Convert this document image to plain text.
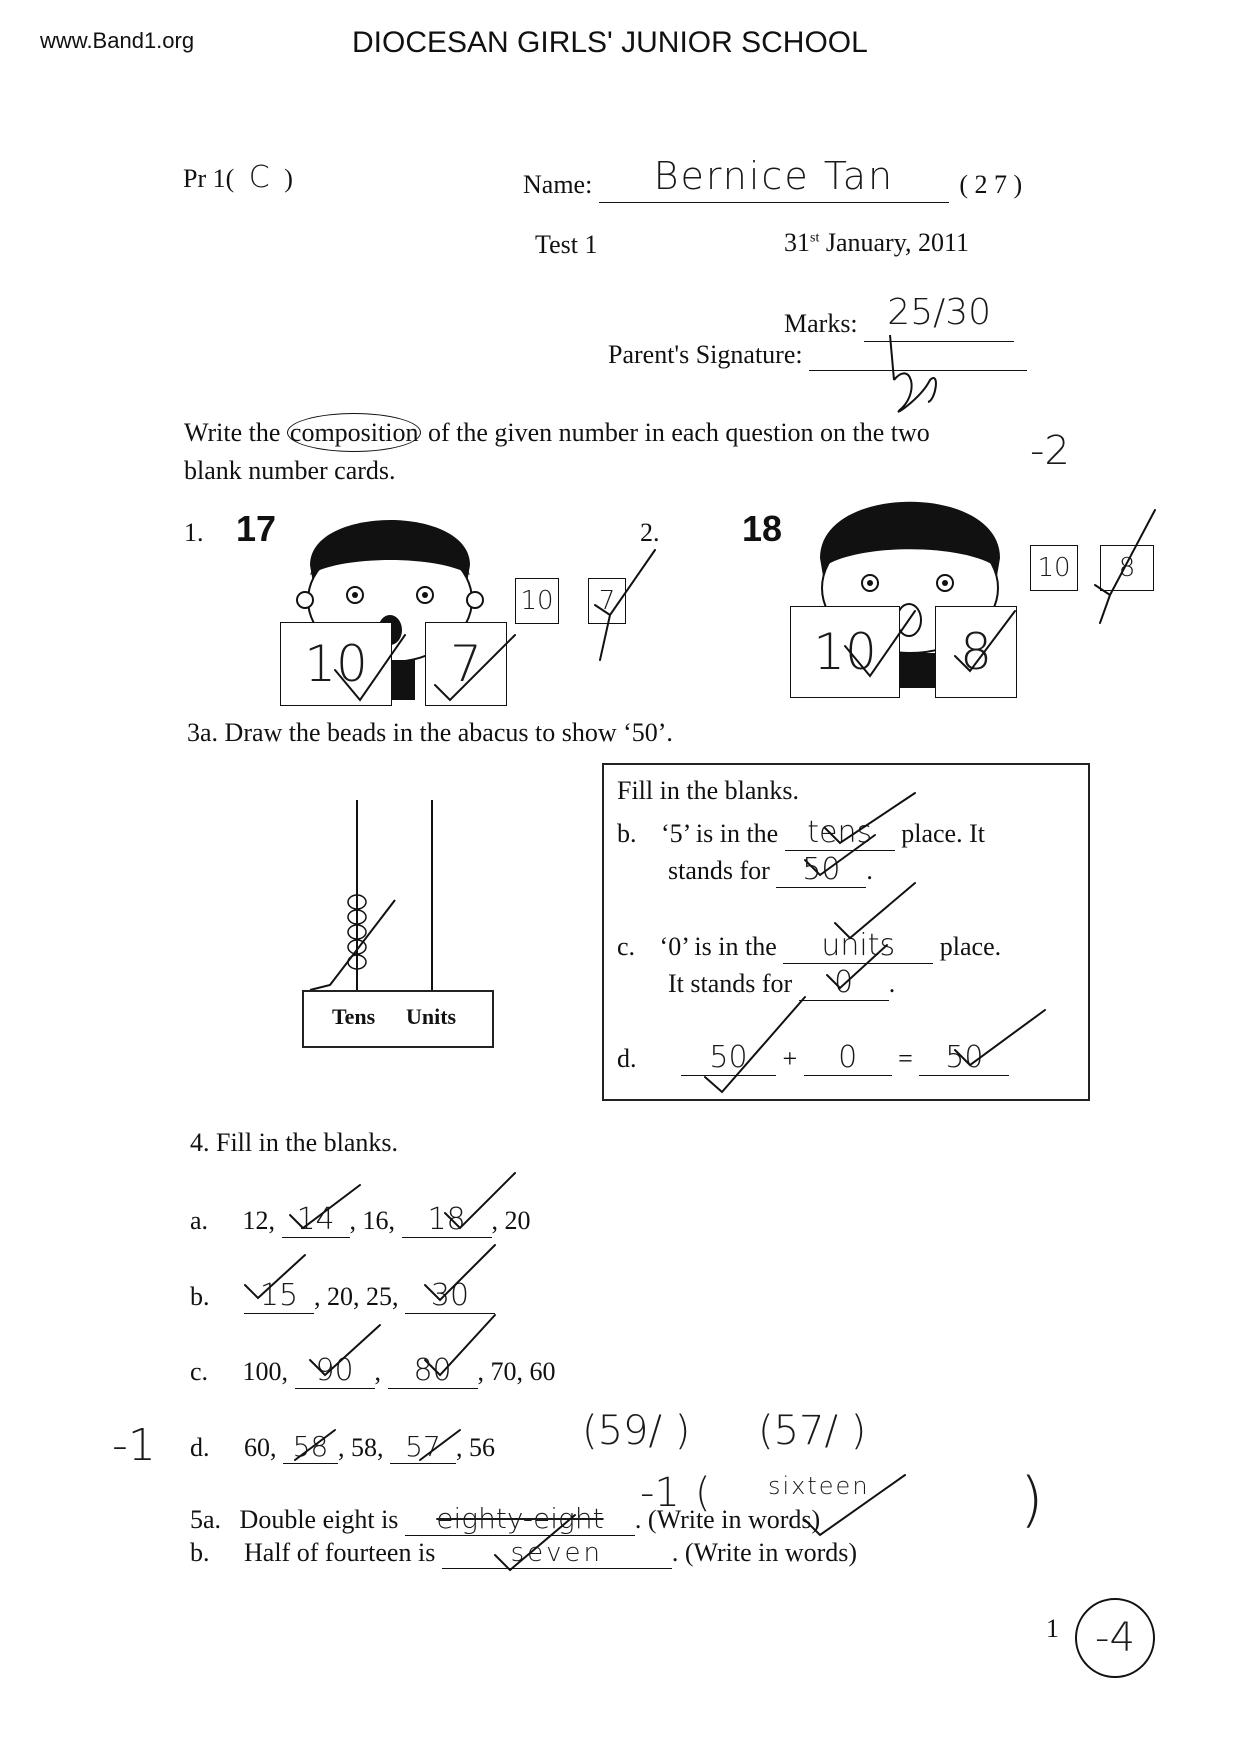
www.Band1.org	DIOCESAN GIRLS' JUNIOR SCHOOL
Pr 1( C )	Name: Bernice Tan	( 2 7 )
Test 1	31st January, 2011
Marks: 25/30
Parent's Signature:
Write the composition of the given number in each question on the two
blank number cards.	-2
1. 17
10 7
10 7
2. 18
10 8
10 8
3a. Draw the beads in the abacus to show ‘50’.
Tens Units
Fill in the blanks.
b. ‘5’ is in the tens place. It
stands for 50 .
c. ‘0’ is in the units place.
It stands for 0 .
d. 50 + 0 = 50
4. Fill in the blanks.
a. 12, 14 , 16, 18 , 20
b. 15 , 20, 25, 30
c. 100, 90 , 80 , 70, 60
-1 d. 60, 58 , 58, 57 , 56 (59/ ) (57/ )
5a. Double eight is eighty-eight . (Write in words)
-1 ( sixteen	)
b. Half of fourteen is	seven	. (Write in words)
1 -4
